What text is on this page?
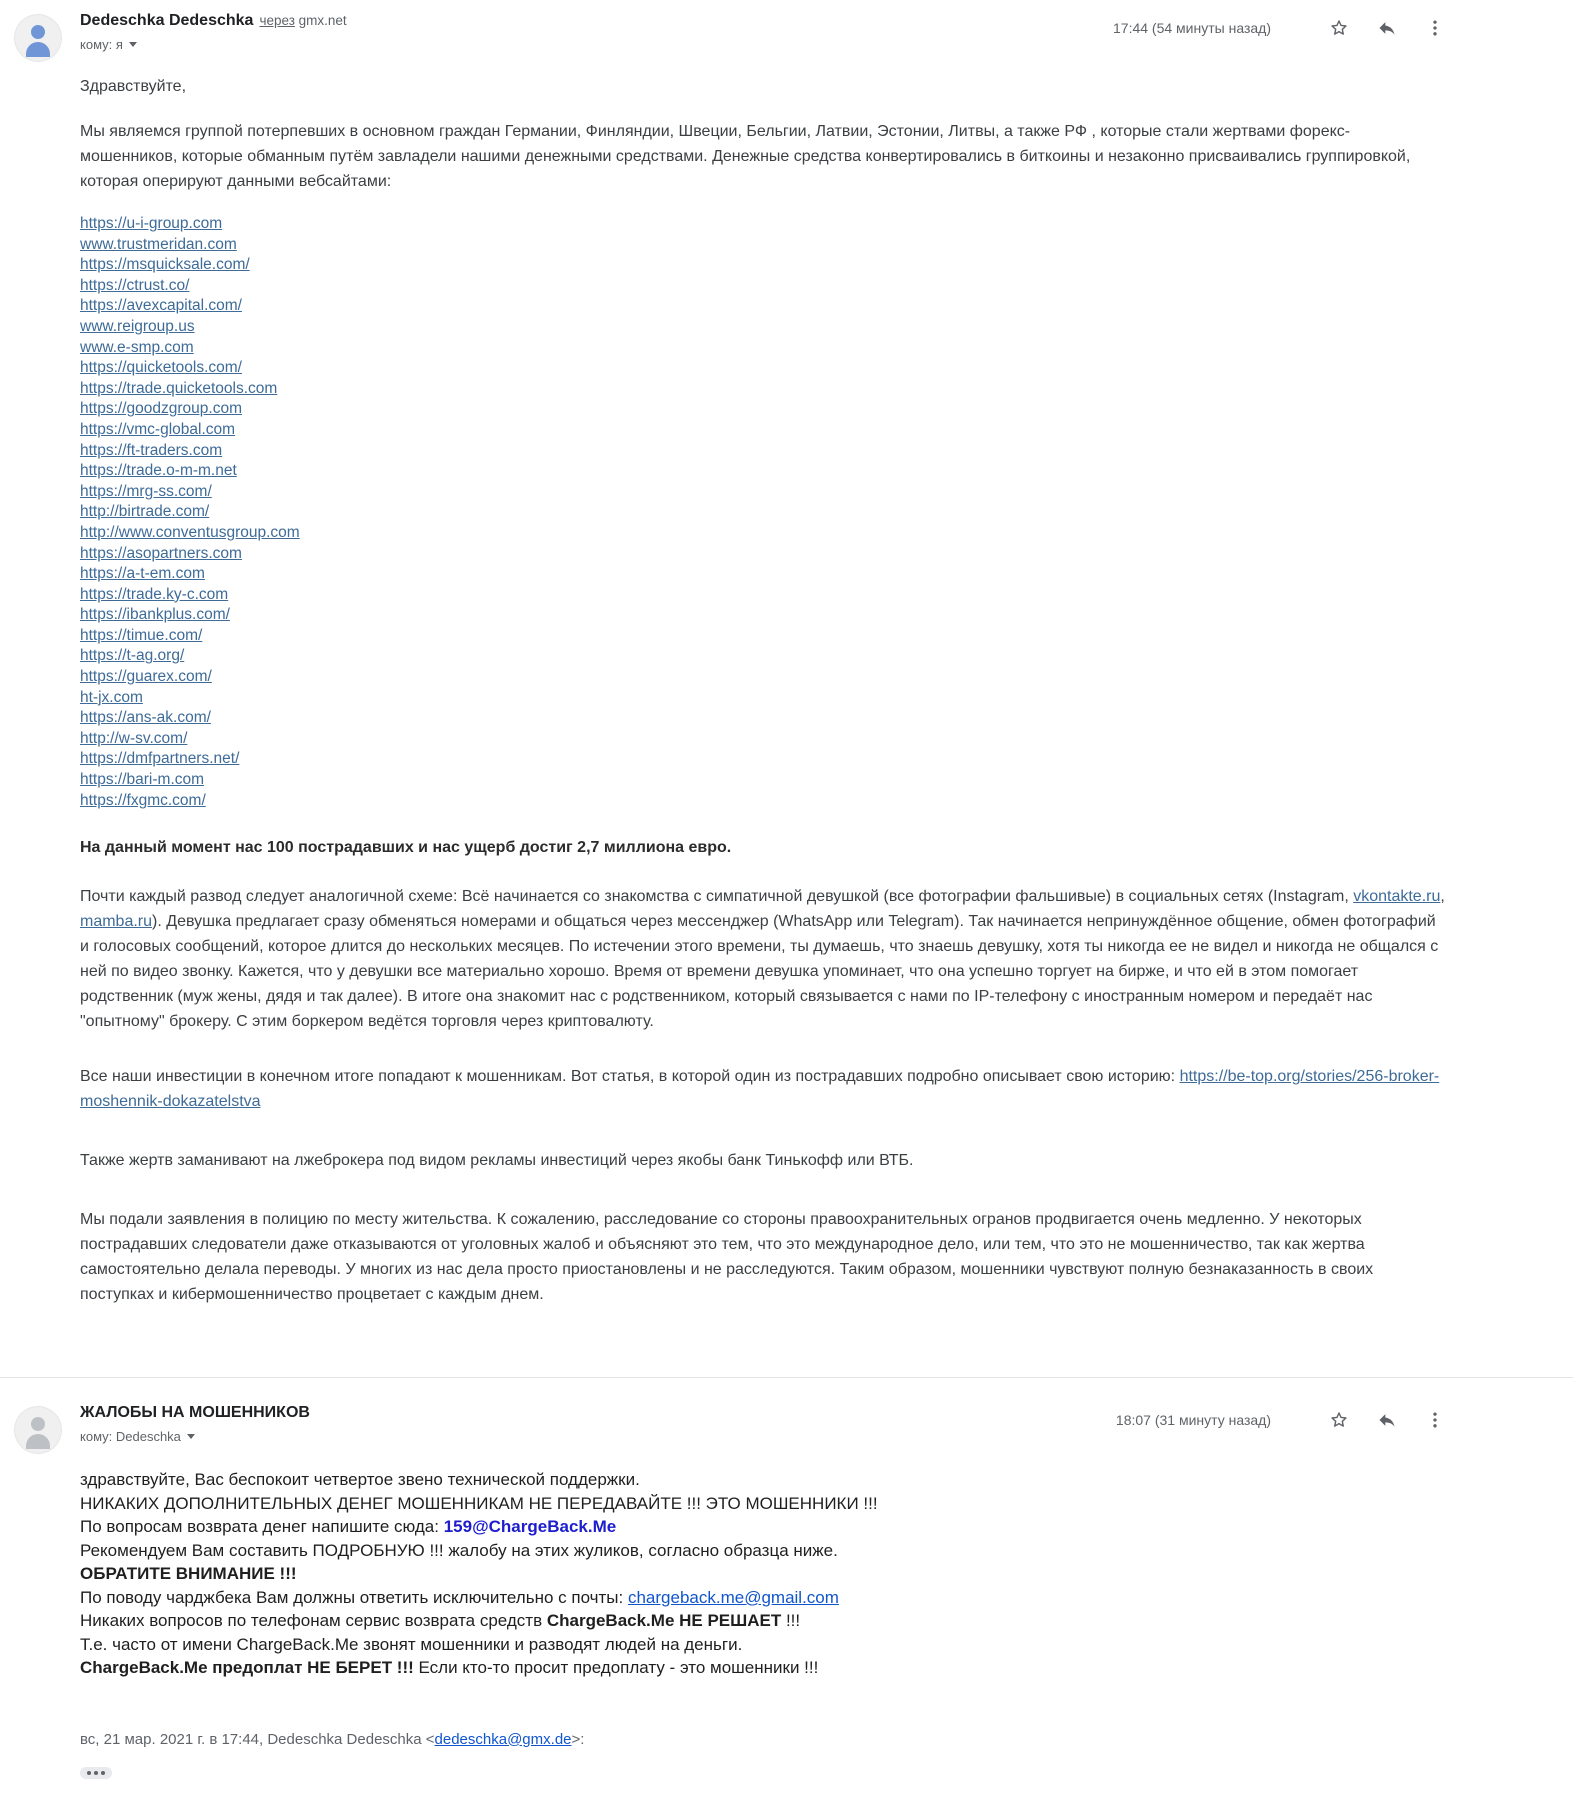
Dedeschka Dedeschka через gmx.net
кому: я
17:44 (54 минуты назад)

Здравствуйте,

Мы являемся группой потерпевших в основном граждан Германии, Финляндии, Швеции, Бельгии, Латвии, Эстонии, Литвы, а также РФ , которые стали жертвами форекс-мошенников, которые обманным путём завладели нашими денежными средствами. Денежные средства конвертировались в биткоины и незаконно присваивались группировкой, которая оперируют данными вебсайтами:

https://u-i-group.com
www.trustmeridan.com
https://msquicksale.com/
https://ctrust.co/
https://avexcapital.com/
www.reigroup.us
www.e-smp.com
https://quicketools.com/
https://trade.quicketools.com
https://goodzgroup.com
https://vmc-global.com
https://ft-traders.com
https://trade.o-m-m.net
https://mrg-ss.com/
http://birtrade.com/
http://www.conventusgroup.com
https://asopartners.com
https://a-t-em.com
https://trade.ky-c.com
https://ibankplus.com/
https://timue.com/
https://t-ag.org/
https://guarex.com/
ht-jx.com
https://ans-ak.com/
http://w-sv.com/
https://dmfpartners.net/
https://bari-m.com
https://fxgmc.com/

На данный момент нас 100 пострадавших и нас ущерб достиг 2,7 миллиона евро.

Почти каждый развод следует аналогичной схеме: Всё начинается со знакомства с симпатичной девушкой (все фотографии фальшивые) в социальных сетях (Instagram, vkontakte.ru, mamba.ru). Девушка предлагает сразу обменяться номерами и общаться через мессенджер (WhatsApp или Telegram). Так начинается непринуждённое общение, обмен фотографий и голосовых сообщений, которое длится до нескольких месяцев. По истечении этого времени, ты думаешь, что знаешь девушку, хотя ты никогда ее не видел и никогда не общался с ней по видео звонку. Кажется, что у девушки все материально хорошо. Время от времени девушка упоминает, что она успешно торгует на бирже, и что ей в этом помогает родственник (муж жены, дядя и так далее). В итоге она знакомит нас с родственником, который связывается с нами по IP-телефону с иностранным номером и передаёт нас "опытному" брокеру. С этим боркером ведётся торговля через криптовалюту.

Все наши инвестиции в конечном итоге попадают к мошенникам. Вот статья, в которой один из пострадавших подробно описывает свою историю: https://be-top.org/stories/256-broker-moshennik-dokazatelstva

Также жертв заманивают на лжеброкера под видом рекламы инвестиций через якобы банк Тинькофф или ВТБ.

Мы подали заявления в полицию по месту жительства. К сожалению, расследование со стороны правоохранительных огранов продвигается очень медленно. У некоторых пострадавших следователи даже отказываются от уголовных жалоб и объясняют это тем, что это международное дело, или тем, что это не мошенничество, так как жертва самостоятельно делала переводы. У многих из нас дела просто приостановлены и не расследуются. Таким образом, мошенники чувствуют полную безнаказанность в своих поступках и кибермошенничество процветает с каждым днем.

ЖАЛОБЫ НА МОШЕННИКОВ
кому: Dedeschka
18:07 (31 минуту назад)
здравствуйте, Вас беспокоит четвертое звено технической поддержки.
НИКАКИХ ДОПОЛНИТЕЛЬНЫХ ДЕНЕГ МОШЕННИКАМ НЕ ПЕРЕДАВАЙТЕ !!! ЭТО МОШЕННИКИ !!!
По вопросам возврата денег напишите сюда: 159@ChargeBack.Me
Рекомендуем Вам составить ПОДРОБНУЮ !!! жалобу на этих жуликов, согласно образца ниже.
ОБРАТИТЕ ВНИМАНИЕ !!!
По поводу чарджбека Вам должны ответить исключительно с почты: chargeback.me@gmail.com
Никаких вопросов по телефонам сервис возврата средств ChargeBack.Me НЕ РЕШАЕТ !!!
Т.е. часто от имени ChargeBack.Me звонят мошенники и разводят людей на деньги.
ChargeBack.Me предоплат НЕ БЕРЕТ !!! Если кто-то просит предоплату - это мошенники !!!
вс, 21 мар. 2021 г. в 17:44, Dedeschka Dedeschka <dedeschka@gmx.de>:
